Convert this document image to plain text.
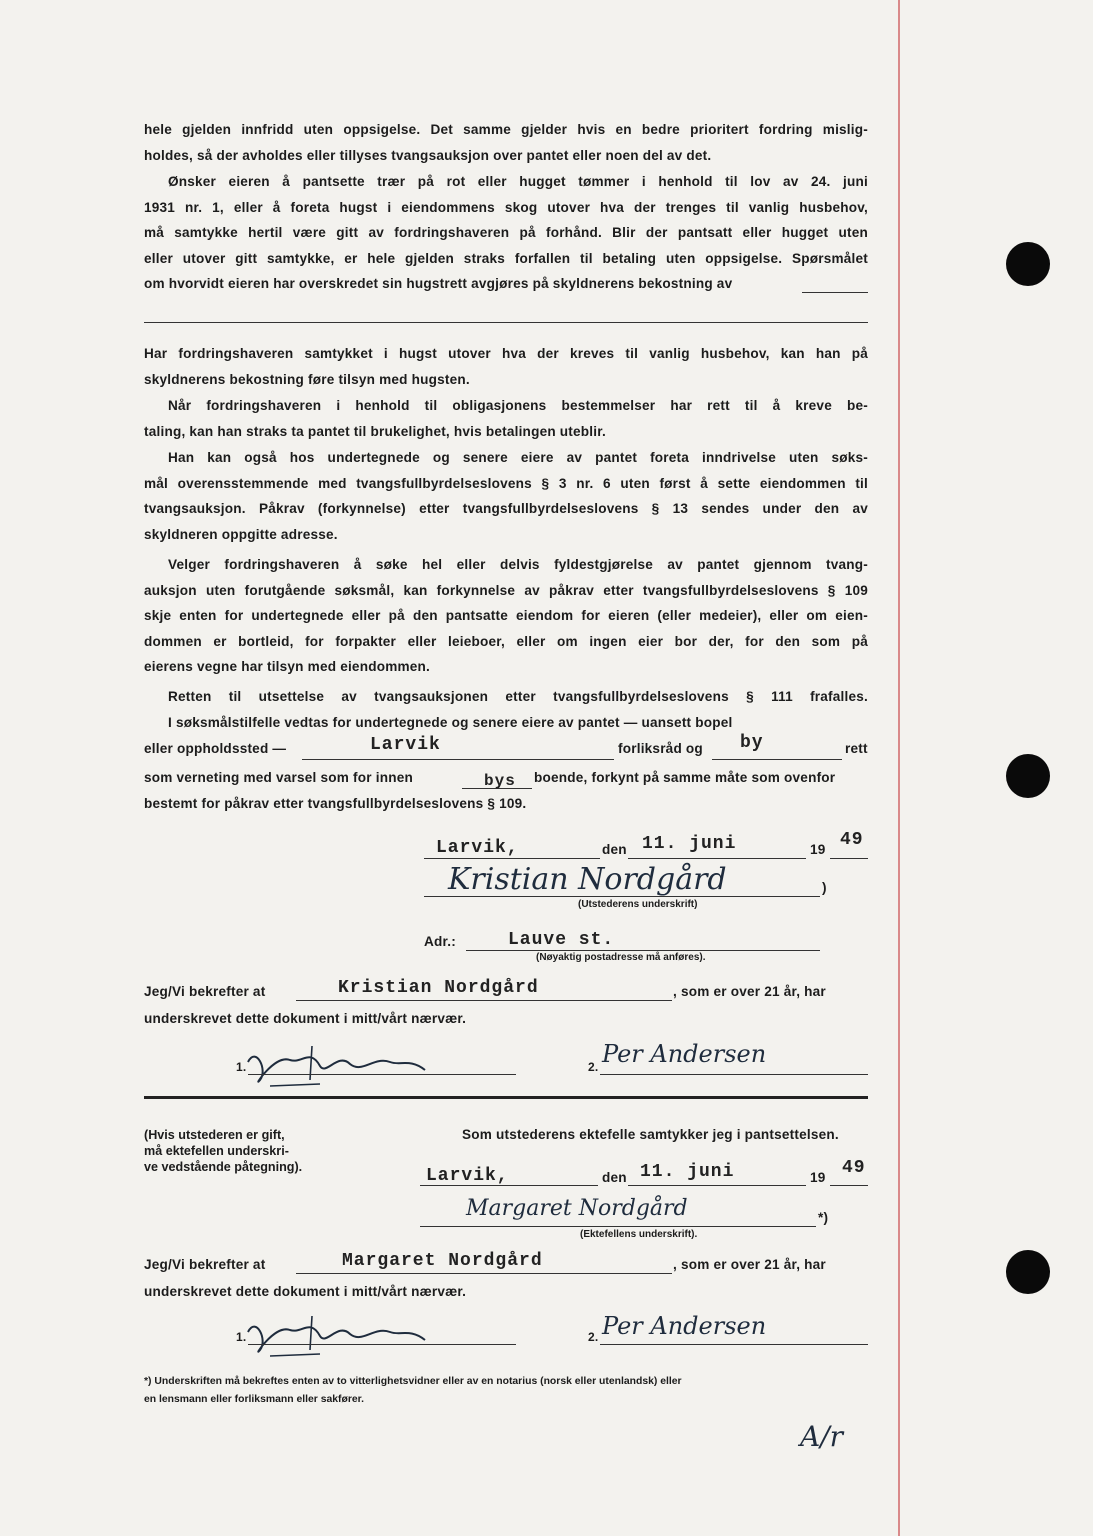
hele gjelden innfridd uten oppsigelse. Det samme gjelder hvis en bedre prioritert fordring mislig-
holdes, så der avholdes eller tillyses tvangsauksjon over pantet eller noen del av det.
Ønsker eieren å pantsette trær på rot eller hugget tømmer i henhold til lov av 24. juni
1931 nr. 1, eller å foreta hugst i eiendommens skog utover hva der trenges til vanlig husbehov,
må samtykke hertil være gitt av fordringshaveren på forhånd. Blir der pantsatt eller hugget uten
eller utover gitt samtykke, er hele gjelden straks forfallen til betaling uten oppsigelse. Spørsmålet
om hvorvidt eieren har overskredet sin hugstrett avgjøres på skyldnerens bekostning av
Har fordringshaveren samtykket i hugst utover hva der kreves til vanlig husbehov, kan han på
skyldnerens bekostning føre tilsyn med hugsten.
Når fordringshaveren i henhold til obligasjonens bestemmelser har rett til å kreve be-
taling, kan han straks ta pantet til brukelighet, hvis betalingen uteblir.
Han kan også hos undertegnede og senere eiere av pantet foreta inndrivelse uten søks-
mål overensstemmende med tvangsfullbyrdelseslovens § 3 nr. 6 uten først å sette eiendommen til
tvangsauksjon. Påkrav (forkynnelse) etter tvangsfullbyrdelseslovens § 13 sendes under den av
skyldneren oppgitte adresse.
Velger fordringshaveren å søke hel eller delvis fyldestgjørelse av pantet gjennom tvang-
auksjon uten forutgående søksmål, kan forkynnelse av påkrav etter tvangsfullbyrdelseslovens § 109
skje enten for undertegnede eller på den pantsatte eiendom for eieren (eller medeier), eller om eien-
dommen er bortleid, for forpakter eller leieboer, eller om ingen eier bor der, for den som på
eierens vegne har tilsyn med eiendommen.
Retten til utsettelse av tvangsauksjonen etter tvangsfullbyrdelseslovens § 111 frafalles.
I søksmålstilfelle vedtas for undertegnede og senere eiere av pantet — uansett bopel
eller oppholdssted —	Larvik	forliksråd og by	rett
som verneting med varsel som for innen	bys boende, forkynt på samme måte som ovenfor
bestemt for påkrav etter tvangsfullbyrdelseslovens § 109.
Larvik,	den 11. juni	19 49
Kristian Nordgård	)
(Utstederens underskrift)
Adr.:	Lauve st.
(Nøyaktig postadresse må anføres).
Jeg/Vi bekrefter at	Kristian Nordgård	, som er over 21 år, har
underskrevet dette dokument i mitt/vårt nærvær.
1.	2. Per Andersen
(Hvis utstederen er gift,
må ektefellen underskri-
ve vedstående påtegning).
Som utstederens ektefelle samtykker jeg i pantsettelsen.
Larvik,	den 11. juni	19 49
Margaret Nordgård	*)
(Ektefellens underskrift).
Jeg/Vi bekrefter at	Margaret Nordgård	, som er over 21 år, har
underskrevet dette dokument i mitt/vårt nærvær.
1.	2. Per Andersen
*) Underskriften må bekreftes enten av to vitterlighetsvidner eller av en notarius (norsk eller utenlandsk) eller
en lensmann eller forliksmann eller sakfører.
A/r
